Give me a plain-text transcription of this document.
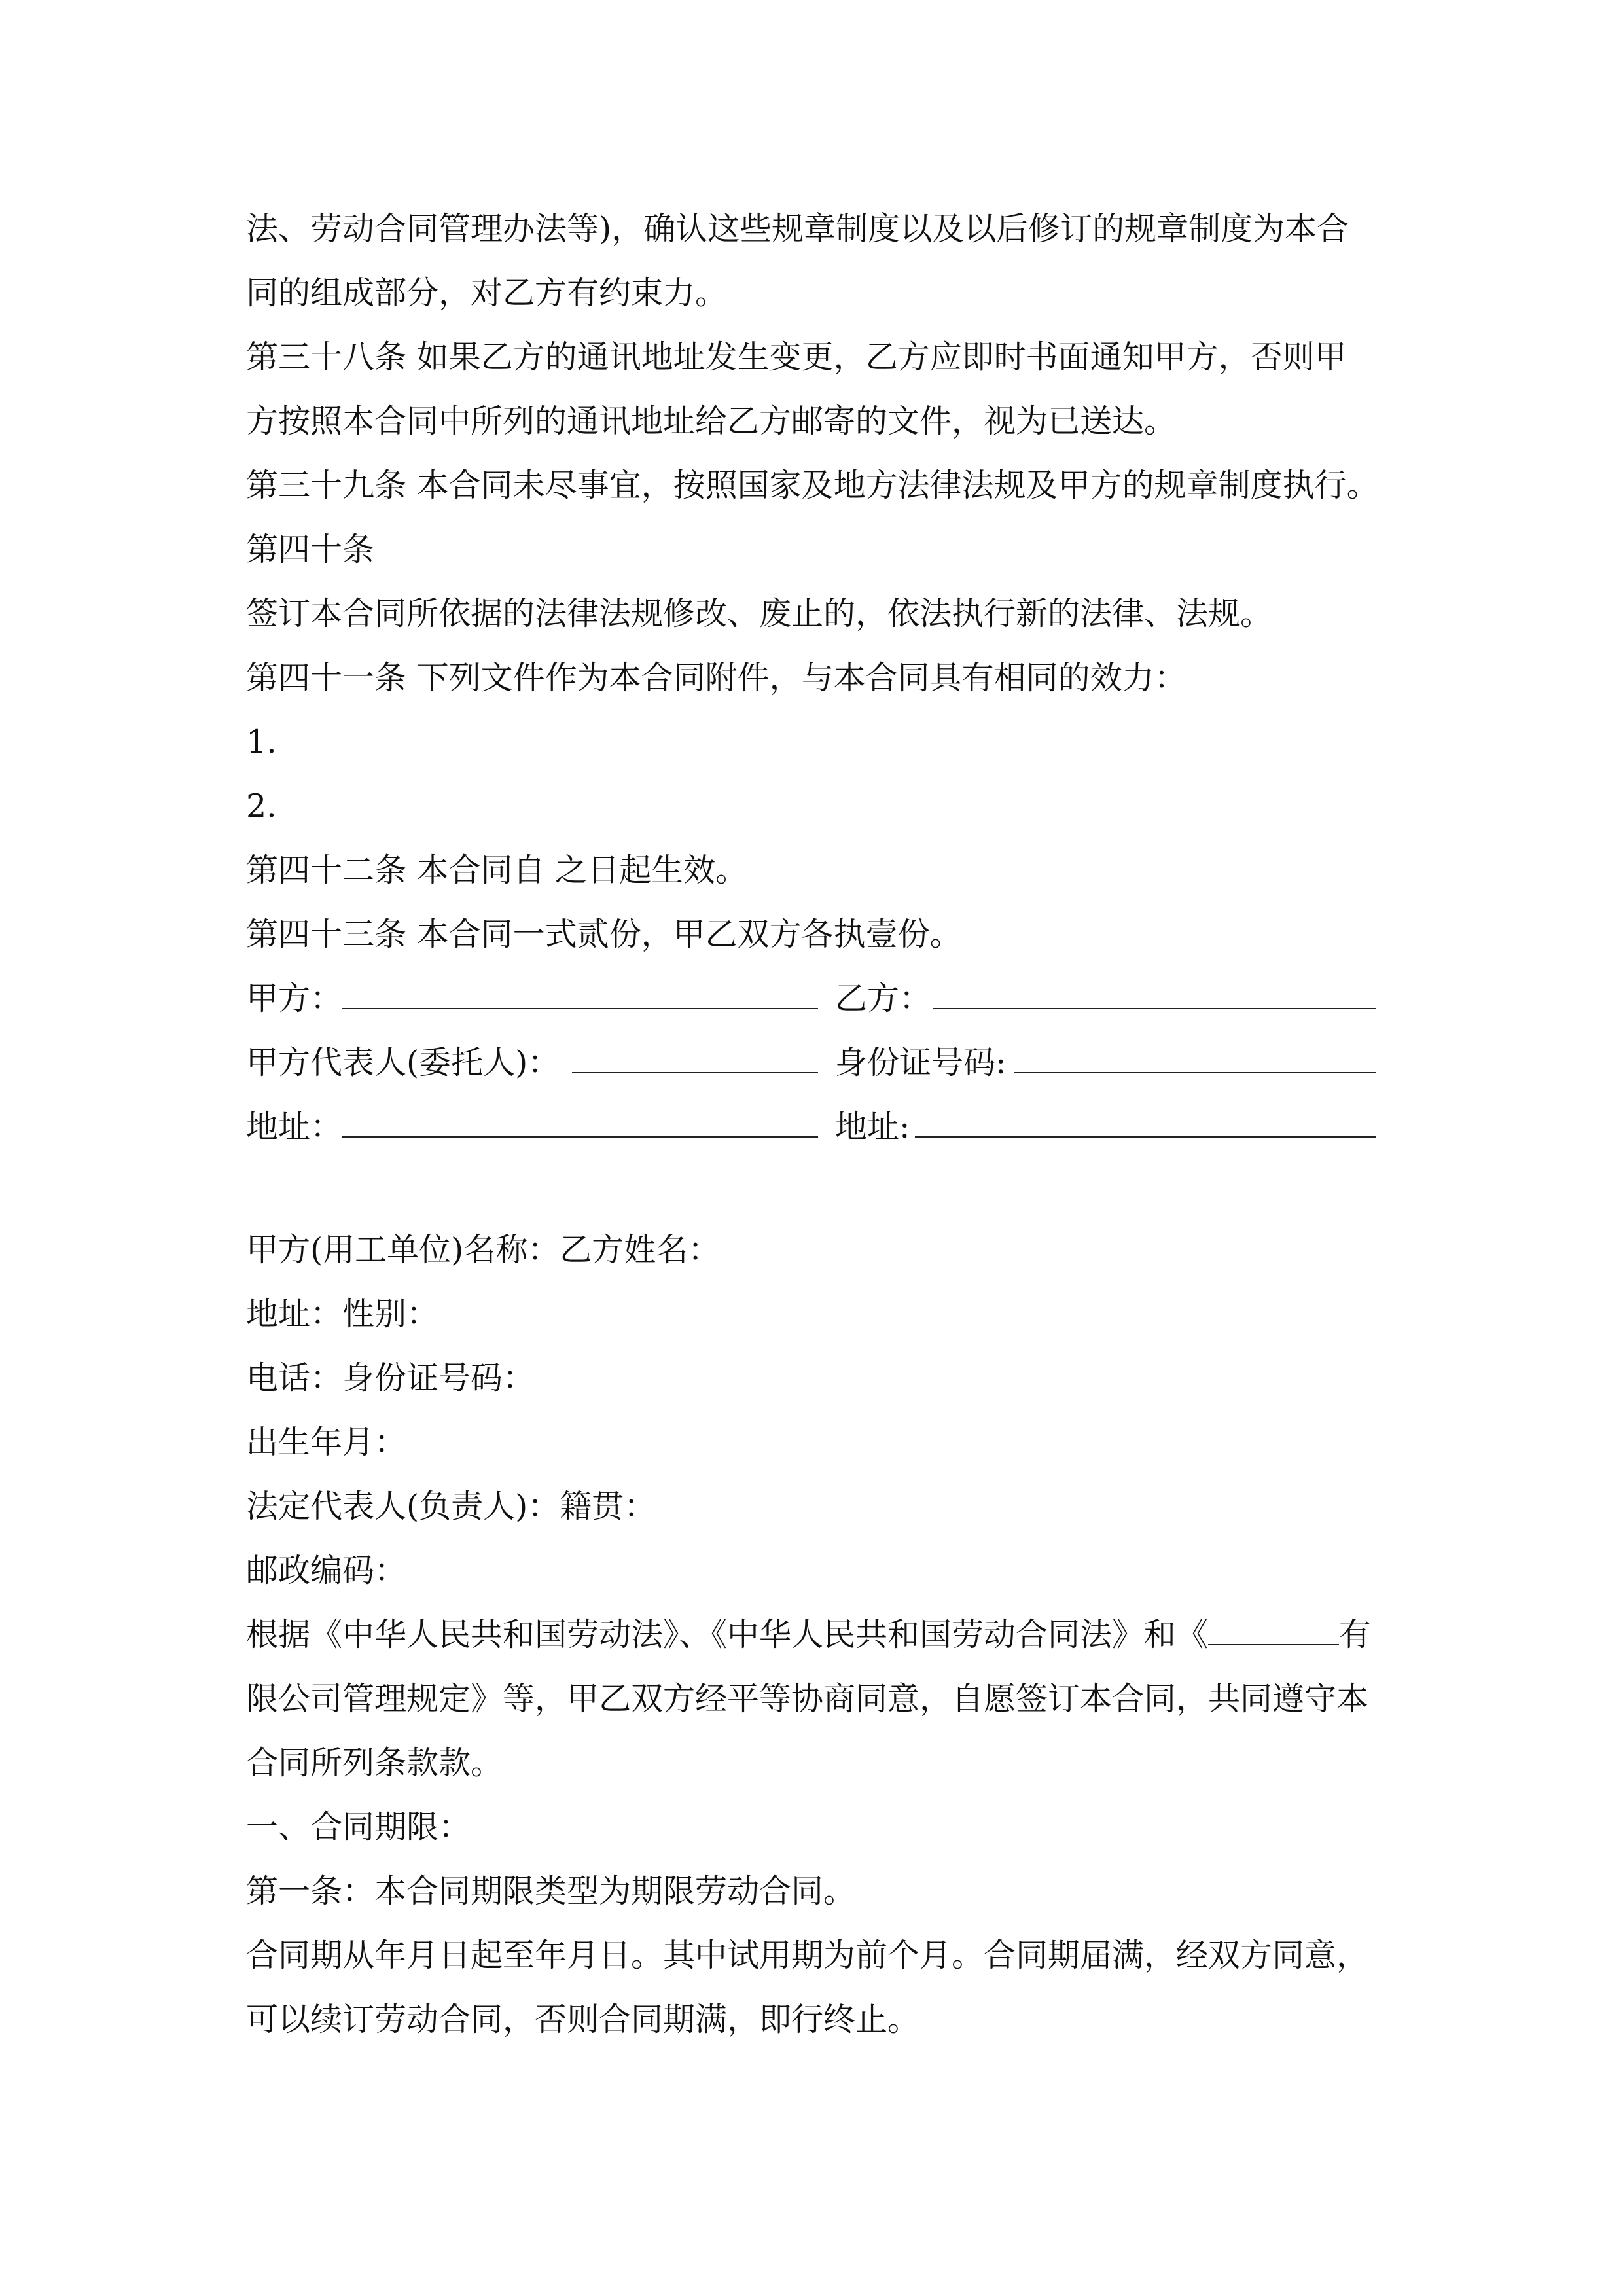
法、劳动合同管理办法等)，确认这些规章制度以及以后修订的规章制度为本合
同的组成部分，对乙方有约束力。
第三十八条 如果乙方的通讯地址发生变更，乙方应即时书面通知甲方，否则甲
方按照本合同中所列的通讯地址给乙方邮寄的文件，视为已送达。
第三十九条 本合同未尽事宜，按照国家及地方法律法规及甲方的规章制度执行。
第四十条
签订本合同所依据的法律法规修改、废止的，依法执行新的法律、法规。
第四十一条 下列文件作为本合同附件，与本合同具有相同的效力：
1.
2.
第四十二条 本合同自 之日起生效。
第四十三条 本合同一式贰份，甲乙双方各执壹份。
甲方：	乙方：
甲方代表人(委托人)：	身份证号码:
地址：	地址:
甲方(用工单位)名称：乙方姓名：
地址：性别：
电话：身份证号码：
出生年月：
法定代表人(负责人)：籍贯：
邮政编码：
根据《中华人民共和国劳动法》、《中华人民共和国劳动合同法》和《	有
限公司管理规定》等，甲乙双方经平等协商同意，自愿签订本合同，共同遵守本
合同所列条款款。
一、合同期限：
第一条：本合同期限类型为期限劳动合同。
合同期从年月日起至年月日。其中试用期为前个月。合同期届满，经双方同意，
可以续订劳动合同，否则合同期满，即行终止。
